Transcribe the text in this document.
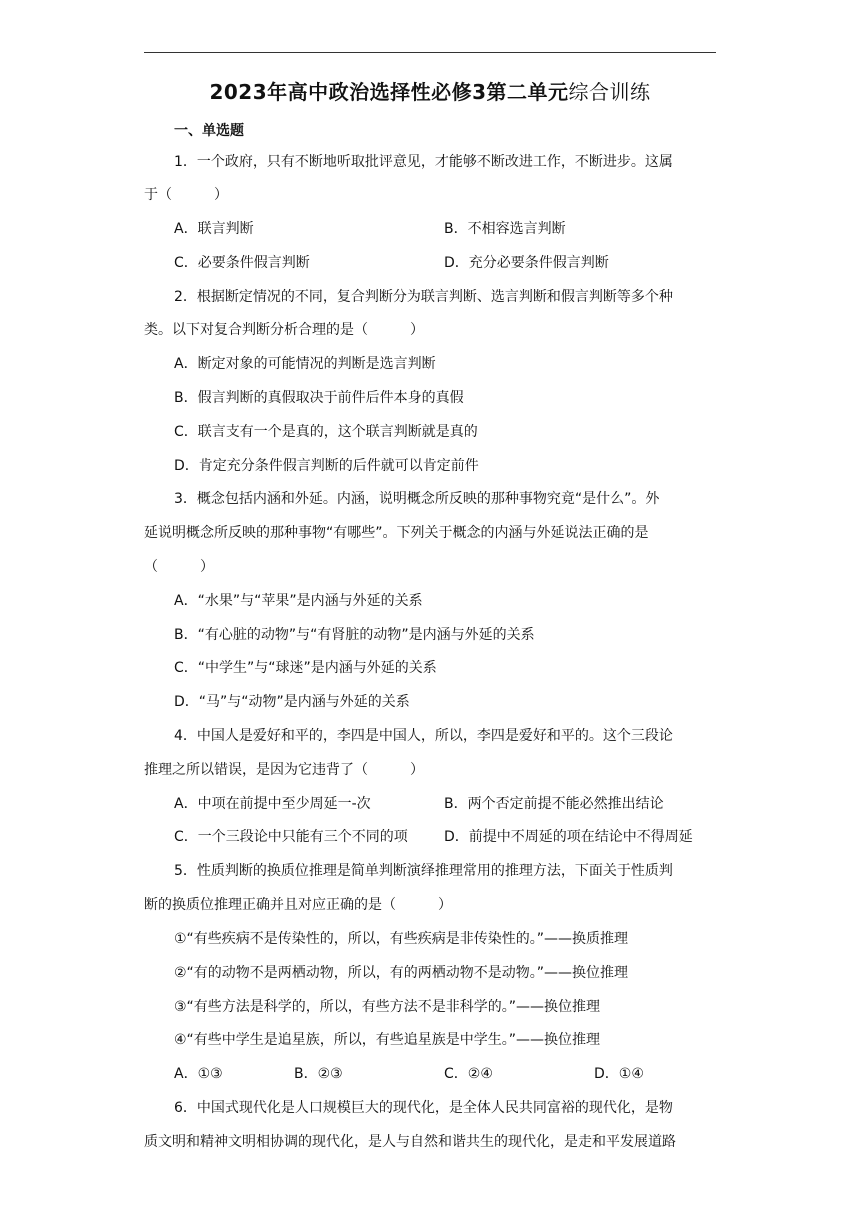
2023年高中政治选择性必修3第二单元综合训练
一、单选题
1．一个政府，只有不断地听取批评意见，才能够不断改进工作，不断进步。这属
于（　　　）
A．联言判断	B．不相容选言判断
C．必要条件假言判断	D．充分必要条件假言判断
2．根据断定情况的不同，复合判断分为联言判断、选言判断和假言判断等多个种
类。以下对复合判断分析合理的是（　　　）
A．断定对象的可能情况的判断是选言判断
B．假言判断的真假取决于前件后件本身的真假
C．联言支有一个是真的，这个联言判断就是真的
D．肯定充分条件假言判断的后件就可以肯定前件
3．概念包括内涵和外延。内涵，说明概念所反映的那种事物究竟“是什么”。外
延说明概念所反映的那种事物“有哪些”。下列关于概念的内涵与外延说法正确的是
（　　　）
A．“水果”与“苹果”是内涵与外延的关系
B．“有心脏的动物”与“有肾脏的动物”是内涵与外延的关系
C．“中学生”与“球迷”是内涵与外延的关系
D．“马”与“动物”是内涵与外延的关系
4．中国人是爱好和平的，李四是中国人，所以，李四是爱好和平的。这个三段论
推理之所以错误，是因为它违背了（　　　）
A．中项在前提中至少周延一-次	B．两个否定前提不能必然推出结论
C．一个三段论中只能有三个不同的项	D．前提中不周延的项在结论中不得周延
5．性质判断的换质位推理是简单判断演绎推理常用的推理方法，下面关于性质判
断的换质位推理正确并且对应正确的是（　　　）
①“有些疾病不是传染性的，所以，有些疾病是非传染性的。”——换质推理
②“有的动物不是两栖动物，所以，有的两栖动物不是动物。”——换位推理
③“有些方法是科学的，所以，有些方法不是非科学的。”——换位推理
④“有些中学生是追星族，所以，有些追星族是中学生。”——换位推理
A．①③	B．②③	C．②④	D．①④
6．中国式现代化是人口规模巨大的现代化，是全体人民共同富裕的现代化，是物
质文明和精神文明相协调的现代化，是人与自然和谐共生的现代化，是走和平发展道路
